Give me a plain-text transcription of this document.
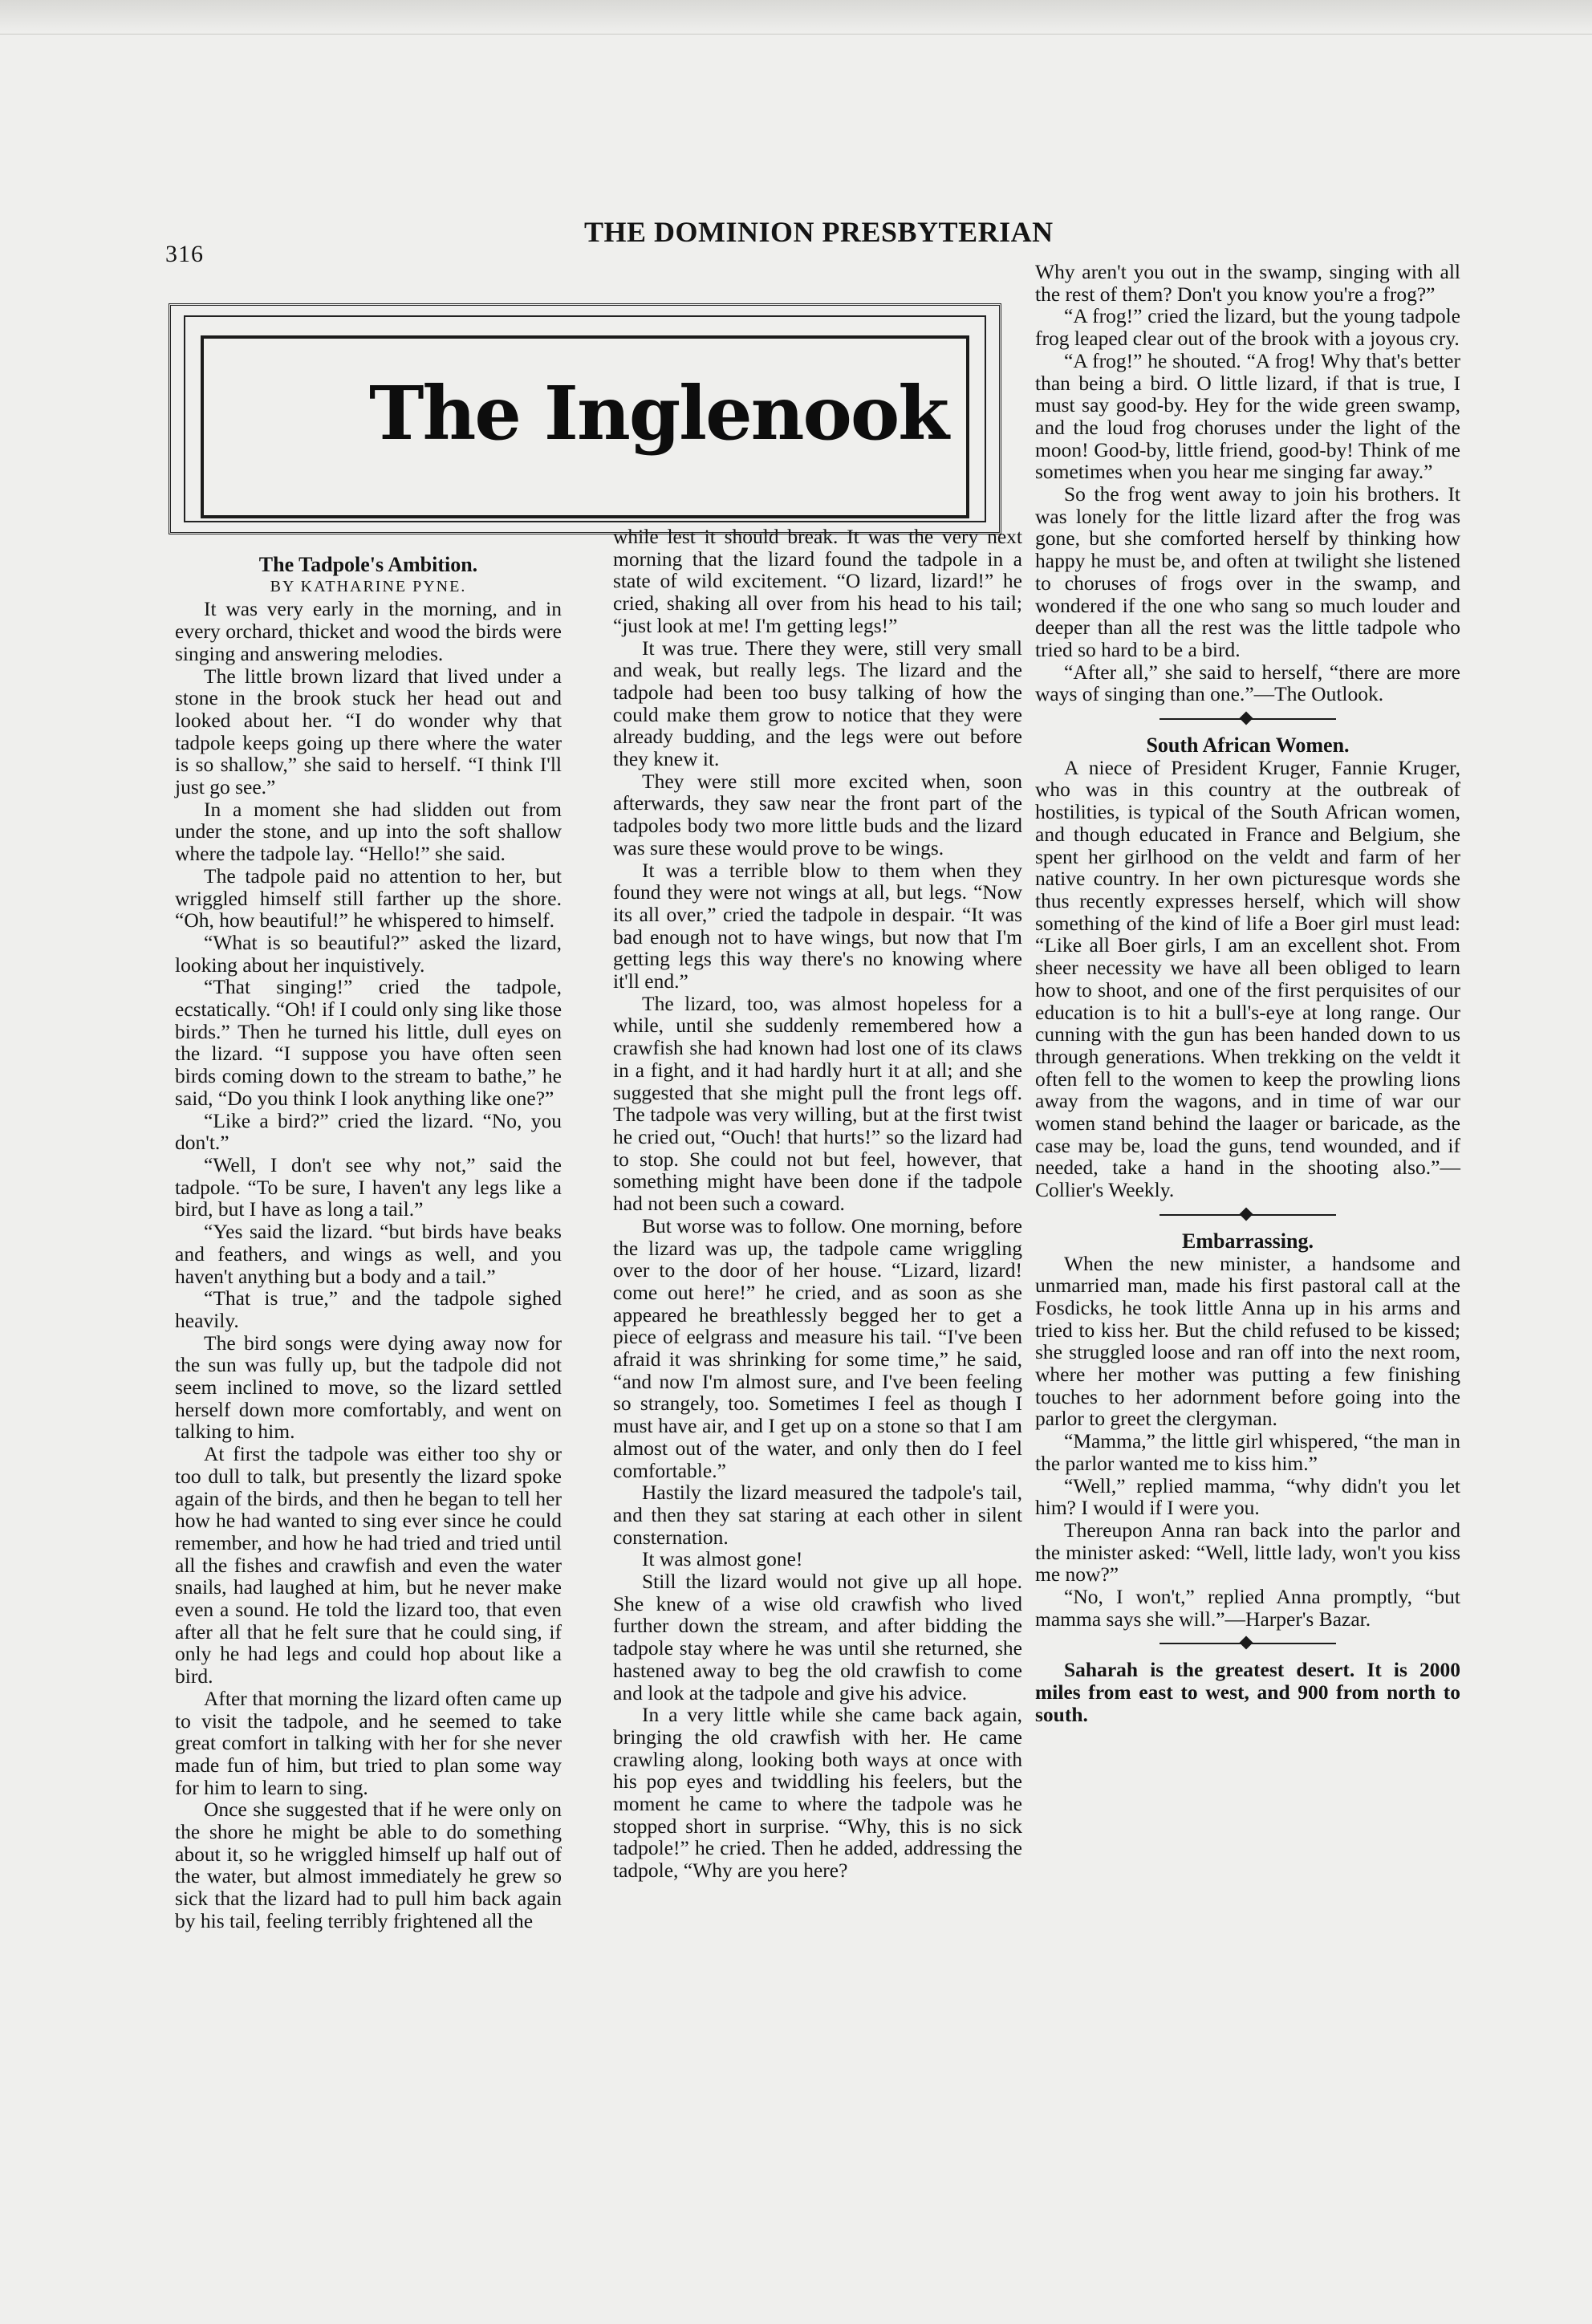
316
THE DOMINION PRESBYTERIAN
The Inglenook

The Tadpole's Ambition.

BY KATHARINE PYNE.

It was very early in the morning, and in every orchard, thicket and wood the birds were singing and answering melodies.

The little brown lizard that lived under a stone in the brook stuck her head out and looked about her. “I do wonder why that tadpole keeps going up there where the water is so shallow,” she said to herself. “I think I'll just go see.”

In a moment she had slidden out from under the stone, and up into the soft shallow where the tadpole lay. “Hello!” she said.

The tadpole paid no attention to her, but wriggled himself still farther up the shore. “Oh, how beautiful!” he whispered to himself.

“What is so beautiful?” asked the lizard, looking about her inquistively.

“That singing!” cried the tadpole, ecstatically. “Oh! if I could only sing like those birds.” Then he turned his little, dull eyes on the lizard. “I suppose you have often seen birds coming down to the stream to bathe,” he said, “Do you think I look anything like one?”

“Like a bird?” cried the lizard. “No, you don't.”

“Well, I don't see why not,” said the tadpole. “To be sure, I haven't any legs like a bird, but I have as long a tail.”

“Yes said the lizard. “but birds have beaks and feathers, and wings as well, and you haven't anything but a body and a tail.”

“That is true,” and the tadpole sighed heavily.

The bird songs were dying away now for the sun was fully up, but the tadpole did not seem inclined to move, so the lizard settled herself down more comfortably, and went on talking to him.

At first the tadpole was either too shy or too dull to talk, but presently the lizard spoke again of the birds, and then he began to tell her how he had wanted to sing ever since he could remember, and how he had tried and tried until all the fishes and crawfish and even the water snails, had laughed at him, but he never make even a sound. He told the lizard too, that even after all that he felt sure that he could sing, if only he had legs and could hop about like a bird.

After that morning the lizard often came up to visit the tadpole, and he seemed to take great comfort in talking with her for she never made fun of him, but tried to plan some way for him to learn to sing.

Once she suggested that if he were only on the shore he might be able to do something about it, so he wriggled himself up half out of the water, but almost immediately he grew so sick that the lizard had to pull him back again by his tail, feeling terribly frightened all the

while lest it should break. It was the very next morning that the lizard found the tadpole in a state of wild excitement. “O lizard, lizard!” he cried, shaking all over from his head to his tail; “just look at me! I'm getting legs!”

It was true. There they were, still very small and weak, but really legs. The lizard and the tadpole had been too busy talking of how the could make them grow to notice that they were already budding, and the legs were out before they knew it.

They were still more excited when, soon afterwards, they saw near the front part of the tadpoles body two more little buds and the lizard was sure these would prove to be wings.

It was a terrible blow to them when they found they were not wings at all, but legs. “Now its all over,” cried the tadpole in despair. “It was bad enough not to have wings, but now that I'm getting legs this way there's no knowing where it'll end.”

The lizard, too, was almost hopeless for a while, until she suddenly remembered how a crawfish she had known had lost one of its claws in a fight, and it had hardly hurt it at all; and she suggested that she might pull the front legs off. The tadpole was very willing, but at the first twist he cried out, “Ouch! that hurts!” so the lizard had to stop. She could not but feel, however, that something might have been done if the tadpole had not been such a coward.

But worse was to follow. One morning, before the lizard was up, the tadpole came wriggling over to the door of her house. “Lizard, lizard! come out here!” he cried, and as soon as she appeared he breathlessly begged her to get a piece of eelgrass and measure his tail. “I've been afraid it was shrinking for some time,” he said, “and now I'm almost sure, and I've been feeling so strangely, too. Sometimes I feel as though I must have air, and I get up on a stone so that I am almost out of the water, and only then do I feel comfortable.”

Hastily the lizard measured the tadpole's tail, and then they sat staring at each other in silent consternation.

It was almost gone!

Still the lizard would not give up all hope. She knew of a wise old crawfish who lived further down the stream, and after bidding the tadpole stay where he was until she returned, she hastened away to beg the old crawfish to come and look at the tadpole and give his advice.

In a very little while she came back again, bringing the old crawfish with her. He came crawling along, looking both ways at once with his pop eyes and twiddling his feelers, but the moment he came to where the tadpole was he stopped short in surprise. “Why, this is no sick tadpole!” he cried. Then he added, addressing the tadpole, “Why are you here?

Why aren't you out in the swamp, singing with all the rest of them? Don't you know you're a frog?”

“A frog!” cried the lizard, but the young tadpole frog leaped clear out of the brook with a joyous cry.

“A frog!” he shouted. “A frog! Why that's better than being a bird. O little lizard, if that is true, I must say good-by. Hey for the wide green swamp, and the loud frog choruses under the light of the moon! Good-by, little friend, good-by! Think of me sometimes when you hear me singing far away.”

So the frog went away to join his brothers. It was lonely for the little lizard after the frog was gone, but she comforted herself by thinking how happy he must be, and often at twilight she listened to choruses of frogs over in the swamp, and wondered if the one who sang so much louder and deeper than all the rest was the little tadpole who tried so hard to be a bird.

“After all,” she said to herself, “there are more ways of singing than one.”—The Outlook.

South African Women.

A niece of President Kruger, Fannie Kruger, who was in this country at the outbreak of hostilities, is typical of the South African women, and though educated in France and Belgium, she spent her girlhood on the veldt and farm of her native country. In her own picturesque words she thus recently expresses herself, which will show something of the kind of life a Boer girl must lead: “Like all Boer girls, I am an excellent shot. From sheer necessity we have all been obliged to learn how to shoot, and one of the first perquisites of our education is to hit a bull's-eye at long range. Our cunning with the gun has been handed down to us through generations. When trekking on the veldt it often fell to the women to keep the prowling lions away from the wagons, and in time of war our women stand behind the laager or baricade, as the case may be, load the guns, tend wounded, and if needed, take a hand in the shooting also.”—Collier's Weekly.

Embarrassing.

When the new minister, a handsome and unmarried man, made his first pastoral call at the Fosdicks, he took little Anna up in his arms and tried to kiss her. But the child refused to be kissed; she struggled loose and ran off into the next room, where her mother was putting a few finishing touches to her adornment before going into the parlor to greet the clergyman.

“Mamma,” the little girl whispered, “the man in the parlor wanted me to kiss him.”

“Well,” replied mamma, “why didn't you let him? I would if I were you.

Thereupon Anna ran back into the parlor and the minister asked: “Well, little lady, won't you kiss me now?”

“No, I won't,” replied Anna promptly, “but mamma says she will.”—Harper's Bazar.

Saharah is the greatest desert. It is 2000 miles from east to west, and 900 from north to south.
